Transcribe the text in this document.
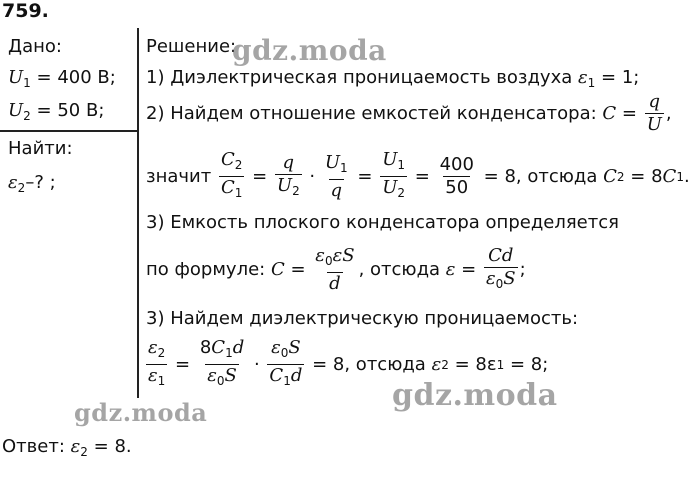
759.
Дано:
$U_1 = 400$ В;
$U_2 = 50$ В;
Найти:
$\varepsilon_2-$? ;
Решение:
1) Диэлектрическая проницаемость воздуха $\varepsilon_1 = 1$;
2) Найдем отношение емкостей конденсатора:
$C = \frac{q}{U}$ ,
значит
$\frac{C_2}{C_1} = \frac{q}{U_2} \cdot \frac{U_1}{q} = \frac{U_1}{U_2} = \frac{400}{50}$
= 8, отсюда
C 2 = 8 C 1 .
3) Емкость плоского конденсатора определяется
по формуле:
$C = \frac{\varepsilon_0\varepsilon S}{d}$ , отсюда
$\varepsilon = \frac{Cd}{\varepsilon_0S}$ ;
3) Найдем диэлектрическую проницаемость:
$\frac{\varepsilon_2}{\varepsilon_1} = \frac{8C_1d}{\varepsilon_0S} \cdot \frac{\varepsilon_0S}{C_1d}$
= 8, отсюда
ε 2
= 8ε 1
= 8;
Ответ: $\varepsilon_2 = 8$.
gdz.moda
gdz.moda	gdz.moda
